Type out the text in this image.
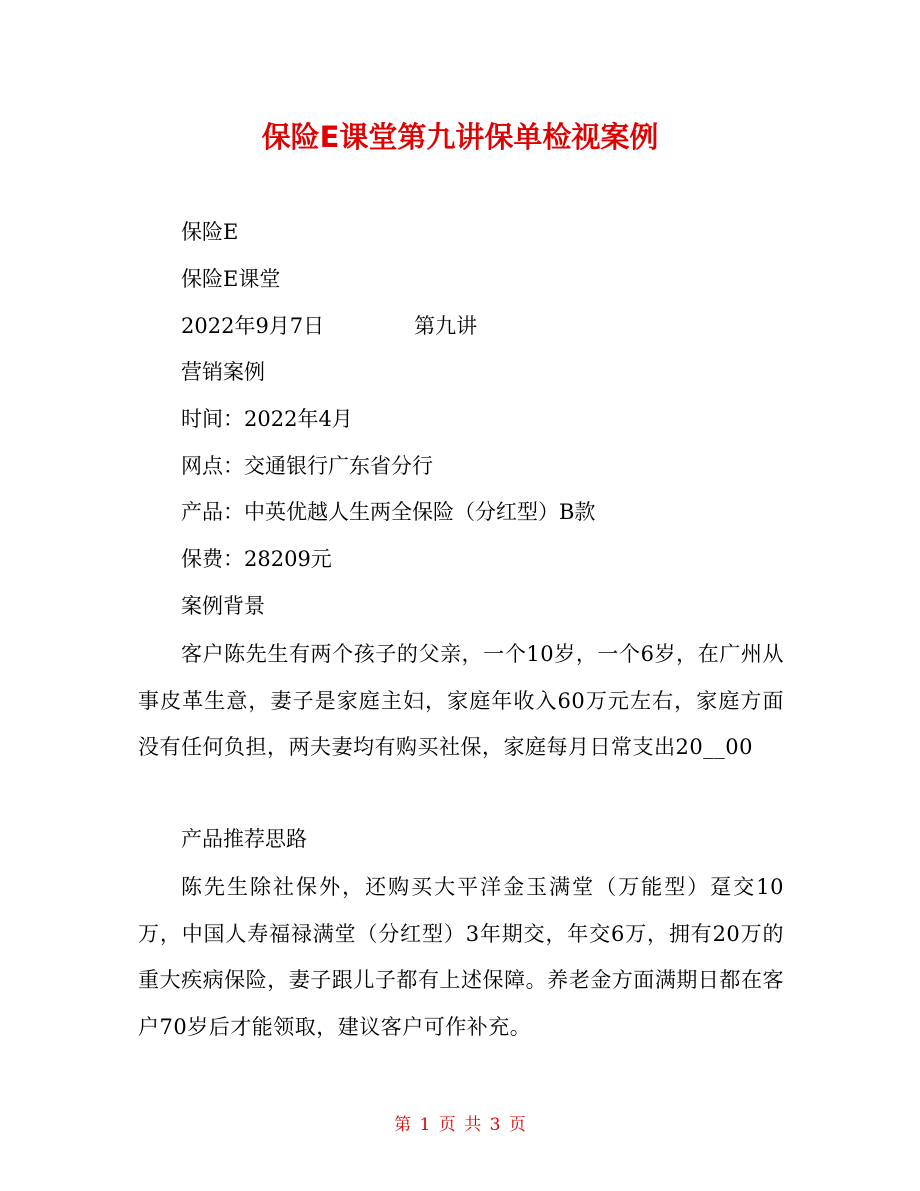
保险E课堂第九讲保单检视案例
保险E
保险E课堂
2022年9月7日	第九讲
营销案例
时间：2022年4月
网点：交通银行广东省分行
产品：中英优越人生两全保险（分红型）B款
保费：28209元
案例背景
客户陈先生有两个孩子的父亲，一个10岁，一个6岁，在广州从事皮革生意，妻子是家庭主妇，家庭年收入60万元左右，家庭方面没有任何负担，两夫妻均有购买社保，家庭每月日常支出20__00
产品推荐思路
陈先生除社保外，还购买大平洋金玉满堂（万能型）趸交10万，中国人寿福禄满堂（分红型）3年期交，年交6万，拥有20万的重大疾病保险，妻子跟儿子都有上述保障。养老金方面满期日都在客户70岁后才能领取，建议客户可作补充。
第 1 页 共 3 页
